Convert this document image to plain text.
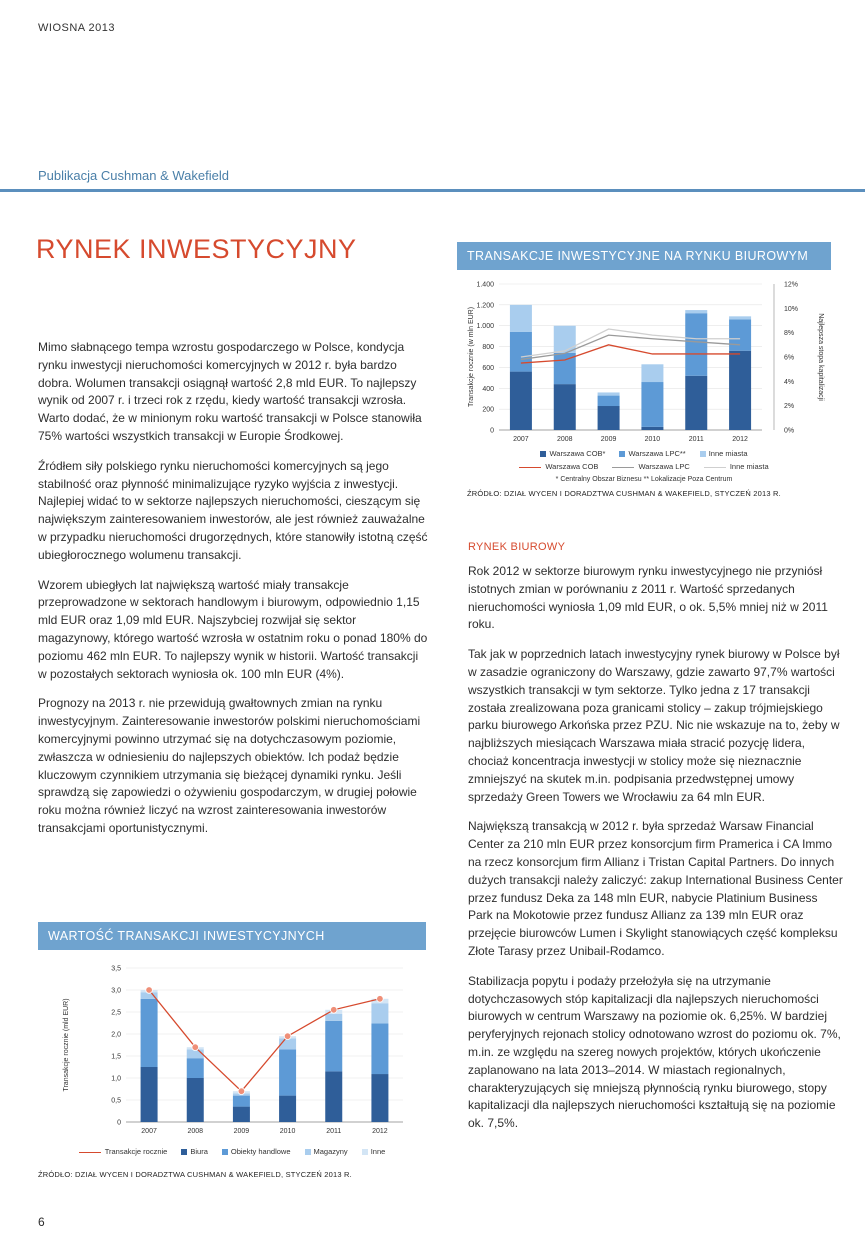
WIOSNA 2013
Publikacja Cushman & Wakefield
RYNEK INWESTYCYJNY

Mimo słabnącego tempa wzrostu gospodarczego w Polsce, kondycja rynku inwestycji nieruchomości komercyjnych w 2012 r. była bardzo dobra. Wolumen transakcji osiągnął wartość 2,8 mld EUR. To najlepszy wynik od 2007 r. i trzeci rok z rzędu, kiedy wartość transakcji wzrosła. Warto dodać, że w minionym roku wartość transakcji w Polsce stanowiła 75% wartości wszystkich transakcji w Europie Środkowej.

Źródłem siły polskiego rynku nieruchomości komercyjnych są jego stabilność oraz płynność minimalizujące ryzyko wyjścia z inwestycji. Najlepiej widać to w sektorze najlepszych nieruchomości, cieszącym się największym zainteresowaniem inwestorów, ale jest również zauważalne w przypadku nieruchomości drugorzędnych, które stanowiły istotną część ubiegłorocznego wolumenu transakcji.

Wzorem ubiegłych lat największą wartość miały transakcje przeprowadzone w sektorach handlowym i biurowym, odpowiednio 1,15 mld EUR oraz 1,09 mld EUR. Najszybciej rozwijał się sektor magazynowy, którego wartość wzrosła w ostatnim roku o ponad 180% do poziomu 462 mln EUR. To najlepszy wynik w historii. Wartość transakcji w pozostałych sektorach wyniosła ok. 100 mln EUR (4%).

Prognozy na 2013 r. nie przewidują gwałtownych zmian na rynku inwestycyjnym. Zainteresowanie inwestorów polskimi nieruchomościami komercyjnymi powinno utrzymać się na dotychczasowym poziomie, zwłaszcza w odniesieniu do najlepszych obiektów. Ich podaż będzie kluczowym czynnikiem utrzymania się bieżącej dynamiki rynku. Jeśli sprawdzą się zapowiedzi o ożywieniu gospodarczym, w drugiej połowie roku można również liczyć na wzrost zainteresowania inwestorów transakcjami oportunistycznymi.

TRANSAKCJE INWESTYCYJNE NA RYNKU BIUROWYM
0
200
400
600
800
1.000
1.200
1.400
2007	2008	2009	2010	2011	2012
Transakcje rocznie (w mln EUR)
0%
2%
4%
6%
8%
10%
12%
Najlepsza stopa kapitalizacji
Warszawa COB*	Warszawa LPC**	Inne miasta
Warszawa COB	Warszawa LPC	Inne miasta
* Centralny Obszar Biznesu ** Lokalizacje Poza Centrum
ŹRÓDŁO: DZIAŁ WYCEN I DORADZTWA CUSHMAN & WAKEFIELD, STYCZEŃ 2013 R.
RYNEK BIUROWY

Rok 2012 w sektorze biurowym rynku inwestycyjnego nie przyniósł istotnych zmian w porównaniu z 2011 r. Wartość sprzedanych nieruchomości wyniosła 1,09 mld EUR, o ok. 5,5% mniej niż w 2011 roku.

Tak jak w poprzednich latach inwestycyjny rynek biurowy w Polsce był w zasadzie ograniczony do Warszawy, gdzie zawarto 97,7% wartości wszystkich transakcji w tym sektorze. Tylko jedna z 17 transakcji została zrealizowana poza granicami stolicy – zakup trójmiejskiego parku biurowego Arkońska przez PZU. Nic nie wskazuje na to, żeby w najbliższych miesiącach Warszawa miała stracić pozycję lidera, chociaż koncentracja inwestycji w stolicy może się nieznacznie zmniejszyć na skutek m.in. podpisania przedwstępnej umowy sprzedaży Green Towers we Wrocławiu za 64 mln EUR.

Największą transakcją w 2012 r. była sprzedaż Warsaw Financial Center za 210 mln EUR przez konsorcjum firm Pramerica i CA Immo na rzecz konsorcjum firm Allianz i Tristan Capital Partners. Do innych dużych transakcji należy zaliczyć: zakup International Business Center przez fundusz Deka za 148 mln EUR, nabycie Platinium Business Park na Mokotowie przez fundusz Allianz za 139 mln EUR oraz przejęcie biurowców Lumen i Skylight stanowiących część kompleksu Złote Tarasy przez Unibail-Rodamco.

Stabilizacja popytu i podaży przełożyła się na utrzymanie dotychczasowych stóp kapitalizacji dla najlepszych nieruchomości biurowych w centrum Warszawy na poziomie ok. 6,25%. W bardziej peryferyjnych rejonach stolicy odnotowano wzrost do poziomu ok. 7%, m.in. ze względu na szereg nowych projektów, których ukończenie zaplanowano na lata 2013–2014. W miastach regionalnych, charakteryzujących się mniejszą płynnością rynku biurowego, stopy kapitalizacji dla najlepszych nieruchomości kształtują się na poziomie ok. 7,5%.

WARTOŚĆ TRANSAKCJI INWESTYCYJNYCH
0
0,5
1,0
1,5
2,0
2,5
3,0
3,5
2007	2008	2009	2010	2011	2012
Transakcje rocznie (mld EUR)
Transakcje rocznie	Biura	Obiekty handlowe	Magazyny	Inne
ŹRÓDŁO: DZIAŁ WYCEN I DORADZTWA CUSHMAN & WAKEFIELD, STYCZEŃ 2013 R.
6
